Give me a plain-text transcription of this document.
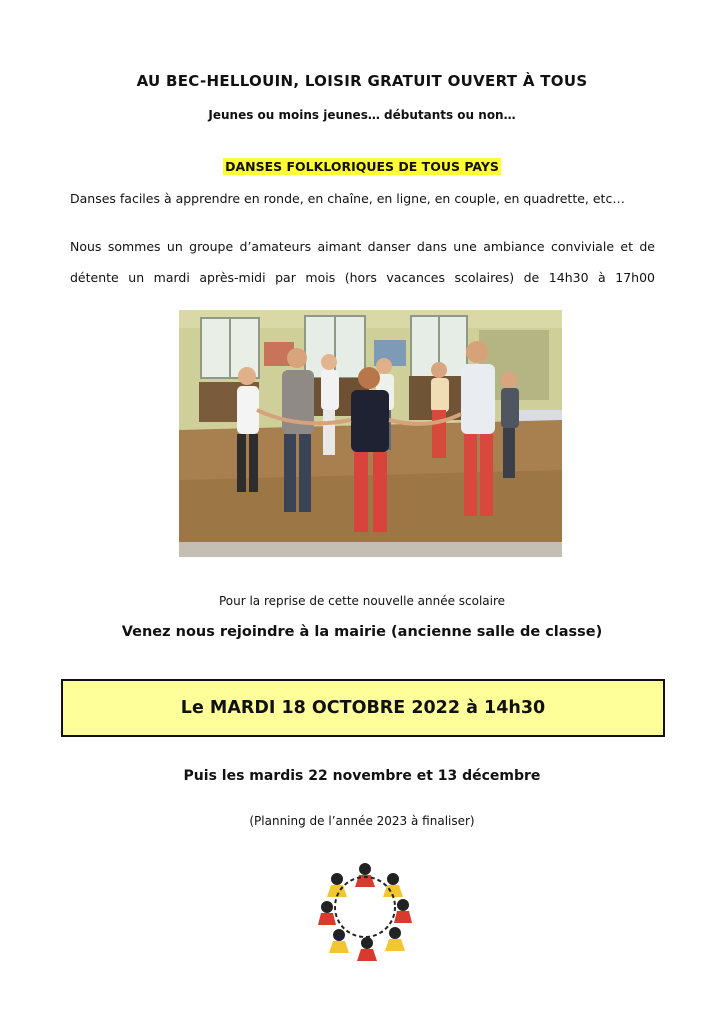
AU BEC-HELLOUIN, LOISIR GRATUIT OUVERT À TOUS
Jeunes ou moins jeunes… débutants ou non…
DANSES FOLKLORIQUES DE TOUS PAYS
Danses faciles à apprendre en ronde, en chaîne, en ligne, en couple, en quadrette, etc…
Nous sommes un groupe d’amateurs aimant danser dans une ambiance conviviale et de détente un mardi après-midi par mois (hors vacances scolaires) de 14h30 à 17h00
Pour la reprise de cette nouvelle année scolaire
Venez nous rejoindre à la mairie (ancienne salle de classe)
Le MARDI 18 OCTOBRE 2022 à 14h30
Puis les mardis 22 novembre et 13 décembre
(Planning de l’année 2023 à finaliser)
